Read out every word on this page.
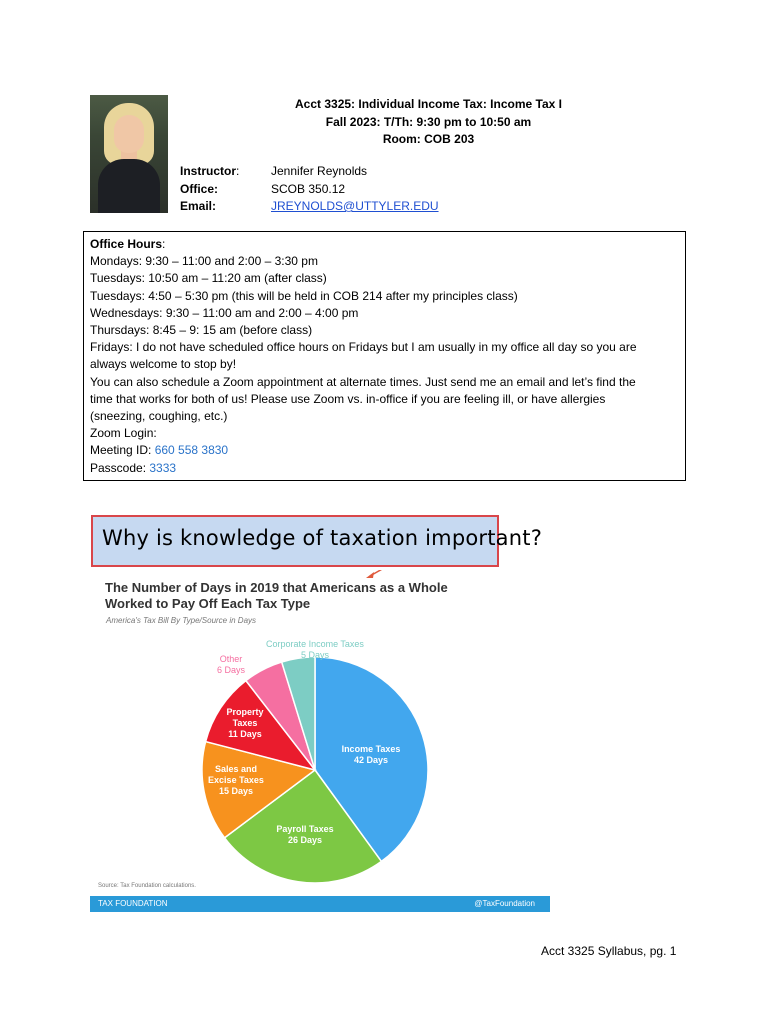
Acct 3325: Individual Income Tax: Income Tax I
Fall 2023: T/Th: 9:30 pm to 10:50 am
Room: COB 203
Instructor:	Jennifer Reynolds
Office:	SCOB 350.12
Email:	JREYNOLDS@UTTYLER.EDU
Office Hours:
Mondays: 9:30 – 11:00 and 2:00 – 3:30 pm
Tuesdays: 10:50 am – 11:20 am (after class)
Tuesdays: 4:50 – 5:30 pm (this will be held in COB 214 after my principles class)
Wednesdays: 9:30 – 11:00 am and 2:00 – 4:00 pm
Thursdays: 8:45 – 9: 15 am (before class)
Fridays: I do not have scheduled office hours on Fridays but I am usually in my office all day so you are
always welcome to stop by!
You can also schedule a Zoom appointment at alternate times. Just send me an email and let’s find the
time that works for both of us! Please use Zoom vs. in-office if you are feeling ill, or have allergies
(sneezing, coughing, etc.)
Zoom Login:
Meeting ID: 660 558 3830
Passcode: 3333
Why is knowledge of taxation important?
Income Taxes 42 Days
Payroll Taxes 26 Days
Sales and Excise Taxes 15 Days
Property Taxes 11 Days
Other 6 Days
Corporate Income Taxes 5 Days
The Number of Days in 2019 that Americans as a Whole
Worked to Pay Off Each Tax Type
America's Tax Bill By Type/Source in Days
Source: Tax Foundation calculations.
TAX FOUNDATION	@TaxFoundation
Acct 3325 Syllabus, pg. 1
